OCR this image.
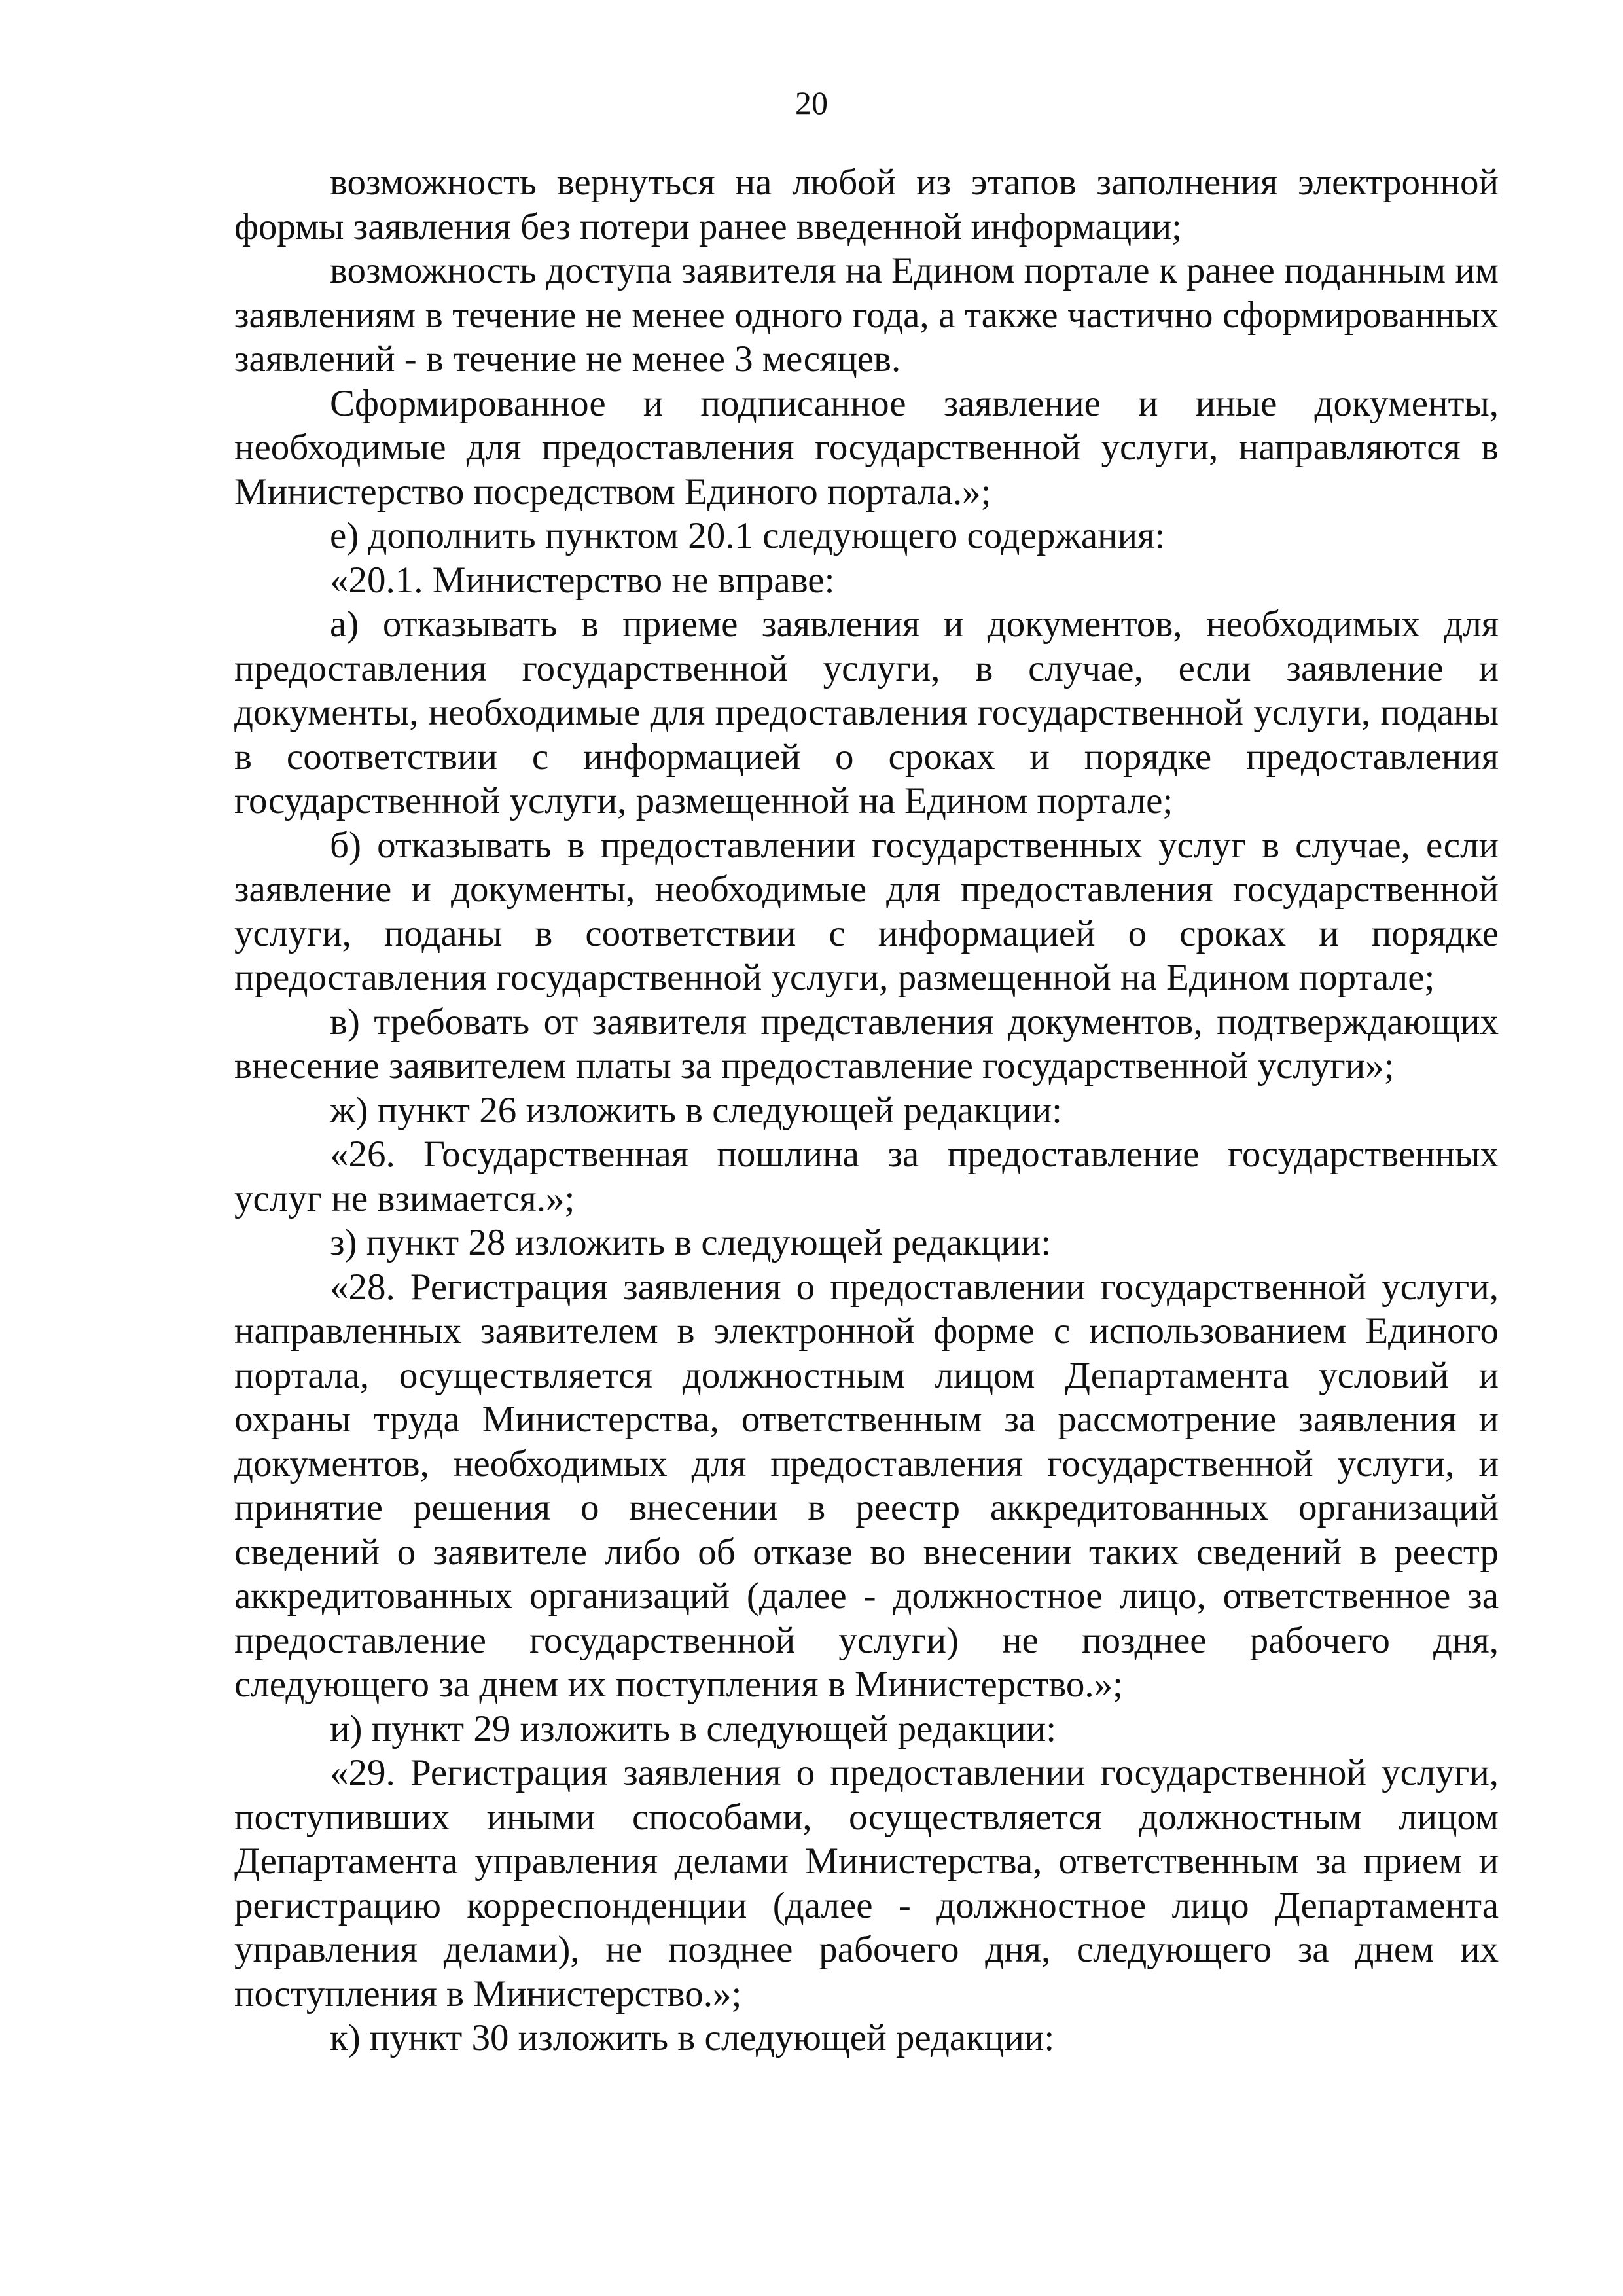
20

возможность вернуться на любой из этапов заполнения электронной формы заявления без потери ранее введенной информации;

возможность доступа заявителя на Едином портале к ранее поданным им заявлениям в течение не менее одного года, а также частично сформированных заявлений - в течение не менее 3 месяцев.

Сформированное и подписанное заявление и иные документы, необходимые для предоставления государственной услуги, направляются в Министерство посредством Единого портала.»;

е) дополнить пунктом 20.1 следующего содержания:

«20.1. Министерство не вправе:

а) отказывать в приеме заявления и документов, необходимых для предоставления государственной услуги, в случае, если заявление и документы, необходимые для предоставления государственной услуги, поданы в соответствии с информацией о сроках и порядке предоставления государственной услуги, размещенной на Едином портале;

б) отказывать в предоставлении государственных услуг в случае, если заявление и документы, необходимые для предоставления государственной услуги, поданы в соответствии с информацией о сроках и порядке предоставления государственной услуги, размещенной на Едином портале;

в) требовать от заявителя представления документов, подтверждающих внесение заявителем платы за предоставление государственной услуги»;

ж) пункт 26 изложить в следующей редакции:

«26. Государственная пошлина за предоставление государственных услуг не взимается.»;

з) пункт 28 изложить в следующей редакции:

«28. Регистрация заявления о предоставлении государственной услуги, направленных заявителем в электронной форме с использованием Единого портала, осуществляется должностным лицом Департамента условий и охраны труда Министерства, ответственным за рассмотрение заявления и документов, необходимых для предоставления государственной услуги, и принятие решения о внесении в реестр аккредитованных организаций сведений о заявителе либо об отказе во внесении таких сведений в реестр аккредитованных организаций (далее - должностное лицо, ответственное за предоставление государственной услуги) не позднее рабочего дня, следующего за днем их поступления в Министерство.»;

и) пункт 29 изложить в следующей редакции:

«29. Регистрация заявления о предоставлении государственной услуги, поступивших иными способами, осуществляется должностным лицом Департамента управления делами Министерства, ответственным за прием и регистрацию корреспонденции (далее - должностное лицо Департамента управления делами), не позднее рабочего дня, следующего за днем их поступления в Министерство.»;

к) пункт 30 изложить в следующей редакции:
